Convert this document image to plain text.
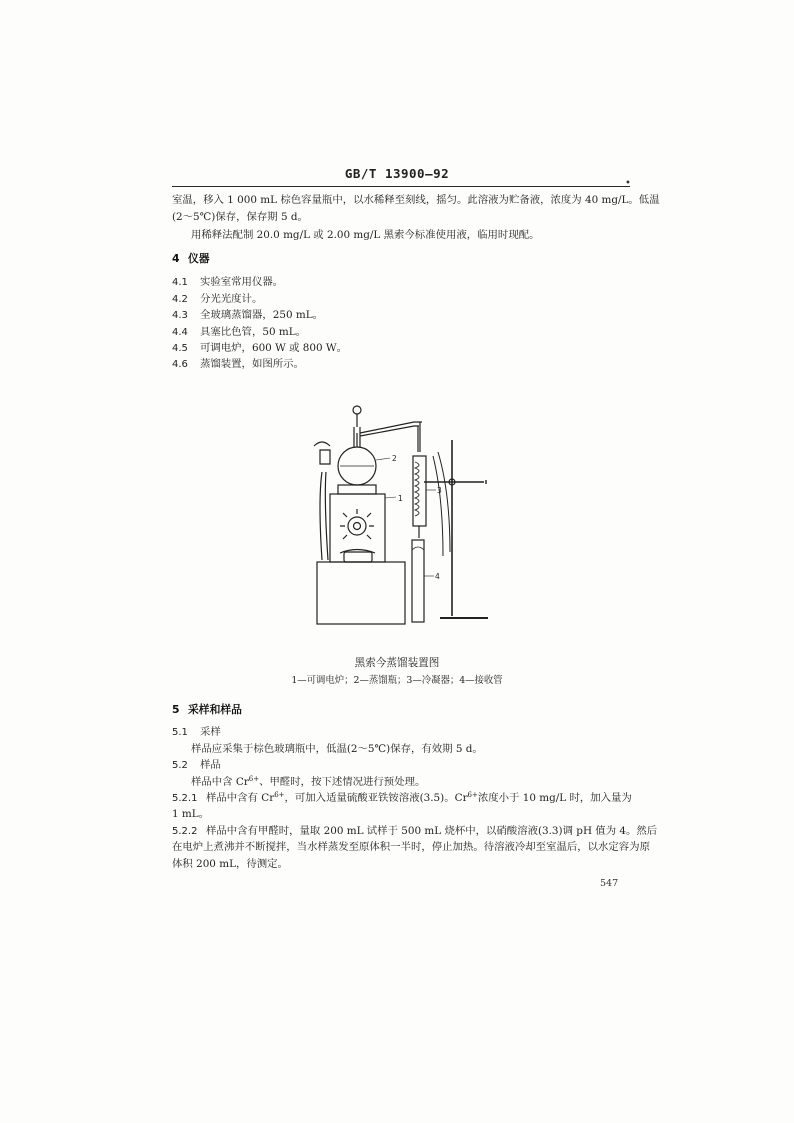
GB/T 13900—92
•
室温，移入 1 000 mL 棕色容量瓶中，以水稀释至刻线，摇匀。此溶液为贮备液，浓度为 40 mg/L。低温
(2～5℃)保存，保存期 5 d。
用稀释法配制 20.0 mg/L 或 2.00 mg/L 黑索今标准使用液，临用时现配。
4 仪器
4.1 实验室常用仪器。
4.2 分光光度计。
4.3 全玻璃蒸馏器，250 mL。
4.4 具塞比色管，50 mL。
4.5 可调电炉，600 W 或 800 W。
4.6 蒸馏装置，如图所示。
1
2
3
4
黑索今蒸馏装置图
1—可调电炉；2—蒸馏瓶；3—冷凝器；4—接收管
5 采样和样品
5.1 采样
样品应采集于棕色玻璃瓶中，低温(2～5℃)保存，有效期 5 d。
5.2 样品
样品中含 $Cr^{6+}$、甲醛时，按下述情况进行预处理。
5.2.1 样品中含有 $Cr^{6+}$，可加入适量硫酸亚铁铵溶液(3.5)。$Cr^{6+}$浓度小于 10 mg/L 时，加入量为
1 mL。
5.2.2 样品中含有甲醛时，量取 200 mL 试样于 500 mL 烧杯中，以硝酸溶液(3.3)调 pH 值为 4。然后
在电炉上煮沸并不断搅拌，当水样蒸发至原体积一半时，停止加热。待溶液冷却至室温后，以水定容为原
体积 200 mL，待测定。
547
